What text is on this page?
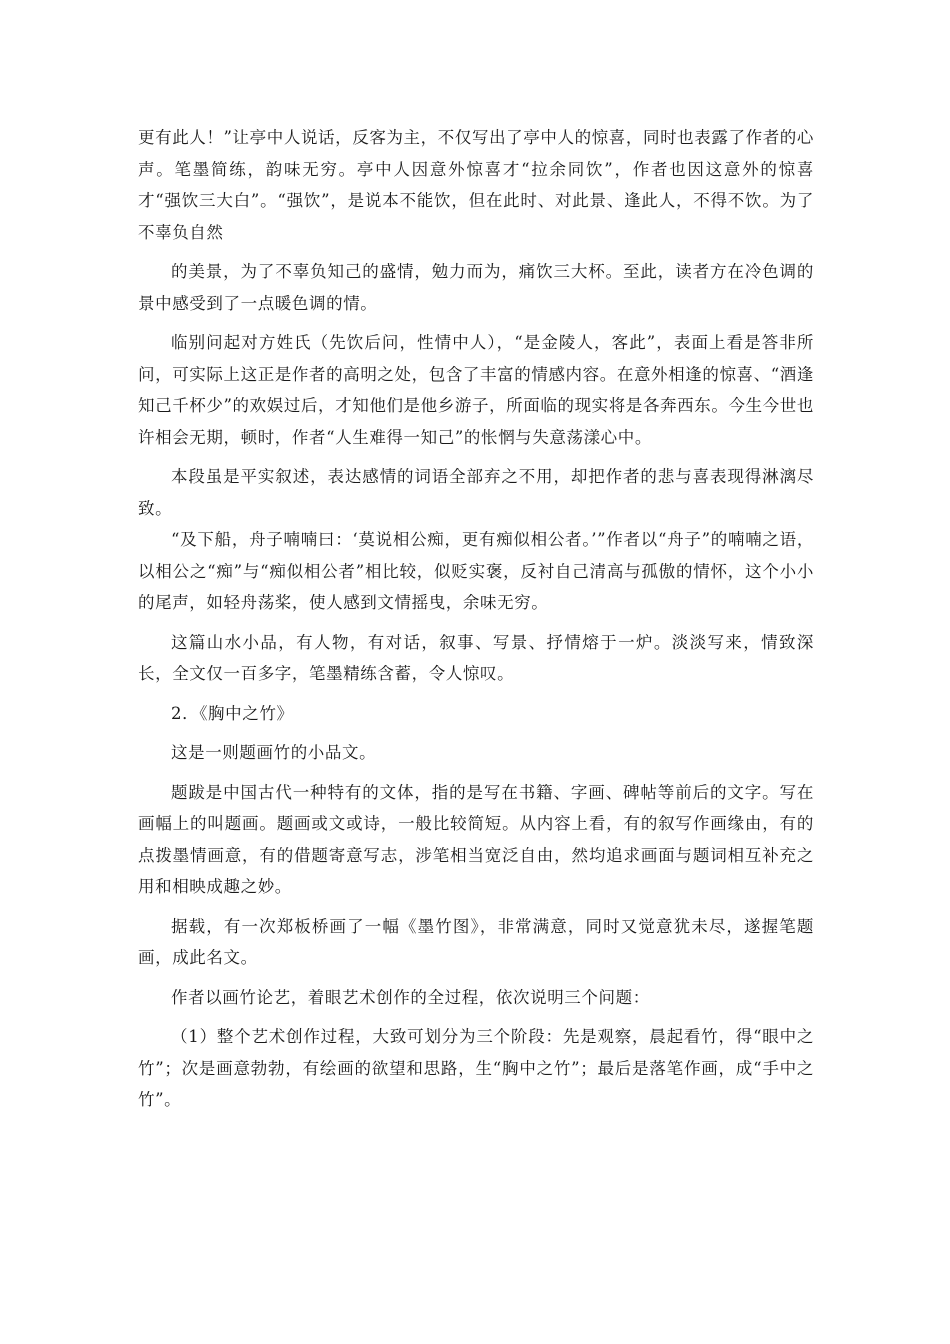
更有此人！”让亭中人说话，反客为主，不仅写出了亭中人的惊喜，同时也表露了作者的心声。笔墨简练，韵味无穷。亭中人因意外惊喜才“拉余同饮”，作者也因这意外的惊喜才“强饮三大白”。“强饮”，是说本不能饮，但在此时、对此景、逢此人，不得不饮。为了不辜负自然

的美景，为了不辜负知己的盛情，勉力而为，痛饮三大杯。至此，读者方在冷色调的景中感受到了一点暖色调的情。

临别问起对方姓氏（先饮后问，性情中人），“是金陵人，客此”，表面上看是答非所问，可实际上这正是作者的高明之处，包含了丰富的情感内容。在意外相逢的惊喜、“酒逢知己千杯少”的欢娱过后，才知他们是他乡游子，所面临的现实将是各奔西东。今生今世也许相会无期，顿时，作者“人生难得一知己”的怅惘与失意荡漾心中。

本段虽是平实叙述，表达感情的词语全部弃之不用，却把作者的悲与喜表现得淋漓尽致。

“及下船，舟子喃喃曰：‘莫说相公痴，更有痴似相公者。’”作者以“舟子”的喃喃之语，以相公之“痴”与“痴似相公者”相比较，似贬实褒，反衬自己清高与孤傲的情怀，这个小小的尾声，如轻舟荡桨，使人感到文情摇曳，余味无穷。

这篇山水小品，有人物，有对话，叙事、写景、抒情熔于一炉。淡淡写来，情致深长，全文仅一百多字，笔墨精练含蓄，令人惊叹。

2．《胸中之竹》

这是一则题画竹的小品文。

题跋是中国古代一种特有的文体，指的是写在书籍、字画、碑帖等前后的文字。写在画幅上的叫题画。题画或文或诗，一般比较简短。从内容上看，有的叙写作画缘由，有的点拨墨情画意，有的借题寄意写志，涉笔相当宽泛自由，然均追求画面与题词相互补充之用和相映成趣之妙。

据载，有一次郑板桥画了一幅《墨竹图》，非常满意，同时又觉意犹未尽，遂握笔题画，成此名文。

作者以画竹论艺，着眼艺术创作的全过程，依次说明三个问题：

（1）整个艺术创作过程，大致可划分为三个阶段：先是观察，晨起看竹，得“眼中之竹”；次是画意勃勃，有绘画的欲望和思路，生“胸中之竹”；最后是落笔作画，成“手中之竹”。
